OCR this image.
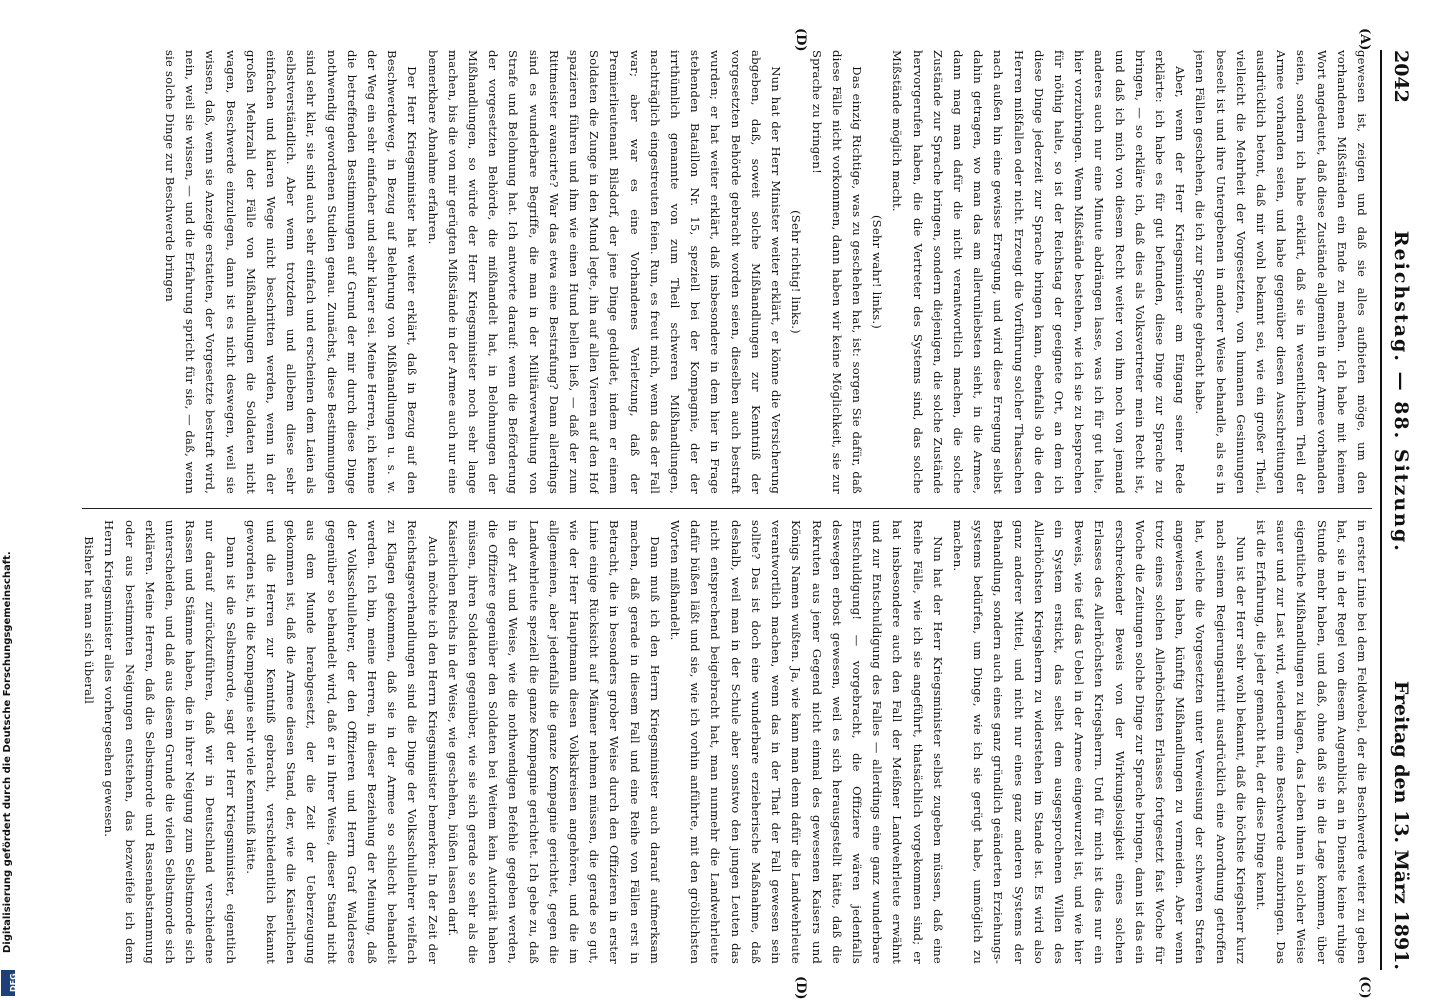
2042
Reichstag. — 88. Sitzung.
Freitag den 13. März 1891.
(A)
(D)
(C)
(D)

gewesen ist, zeigen und daß sie alles aufbieten möge, um den vorhandenen Mißständen ein Ende zu machen. Ich habe mit keinem Wort angedeutet, daß diese Zustände allgemein in der Armee vorhanden seien, sondern ich habe erklärt, daß sie in wesentlichem Theil der Armee vorhanden seien, und habe gegenüber diesen Ausschreitungen ausdrücklich betont, daß mir wohl bekannt sei, wie ein großer Theil, vielleicht die Mehrheit der Vorgesetzten, von humanen Gesinnungen beseelt ist und ihre Untergebenen in anderer Weise behandle, als es in jenen Fällen geschehen, die ich zur Sprache gebracht habe.

Aber, wenn der Herr Kriegsminister am Eingang seiner Rede erklärte: ich habe es für gut befunden, diese Dinge zur Sprache zu bringen, — so erkläre ich, daß dies als Volksvertreter mein Recht ist, und daß ich mich von diesem Recht weiter von ihm noch von jemand anderes auch nur eine Minute abdrängen lasse, was ich für gut halte, hier vorzubringen. Wenn Mißstände bestehen, wie ich sie zu besprechen für nöthig halte, so ist der Reichstag der geeignete Ort, an dem ich diese Dinge jederzeit zur Sprache bringen kann, ebenfalls ob die den Herren mißfallen oder nicht. Erzeugt die Vorführung solcher Thatsachen nach außen hin eine gewisse Erregung, und wird diese Erregung selbst dahin getragen, wo man das am allerunliebsten sieht, in die Armee, dann mag man dafür die nicht verantwortlich machen, die solche Zustände zur Sprache bringen, sondern diejenigen, die solche Zustände hervorgerufen haben, die die Vertreter des Systems sind, das solche Mißstände möglich macht.

(Sehr wahr! links.)

Das einzig Richtige, was zu geschehen hat, ist: sorgen Sie dafür, daß diese Fälle nicht vorkommen, dann haben wir keine Möglichkeit, sie zur Sprache zu bringen!

(Sehr richtig! links.)

Nun hat der Herr Minister weiter erklärt, er könne die Versicherung abgeben, daß, soweit solche Mißhandlungen zur Kenntniß der vorgesetzten Behörde gebracht worden seien, dieselben auch bestraft wurden; er hat weiter erklärt, daß insbesondere in dem hier in Frage stehenden Bataillon Nr. 15, speziell bei der Kompagnie, der der irrthümlich genannte von zum Theil schweren Mißhandlungen, nachträglich eingestreuten feien. Run, es freut mich, wenn das der Fall war; aber war es eine Vorhandenes Verletzung, daß der Premierlieutenant Bilsdorf, der jene Dinge geduldet, indem er einem Soldaten die Zunge in den Mund legte, ihn auf allen Vieren auf den Hof spazieren führen und ihm wie einen Hund bellen ließ, — daß der zum Rittmeister avancirte? War das etwa eine Bestrafung? Dann allerdings sind es wunderbare Begriffe, die man in der Militärverwaltung von Strafe und Belohnung hat. Ich antworte darauf: wenn die Beförderung der vorgesetzten Behörde, die mißhandelt hat, in Belohnungen der Mißhandlungen, so würde der Herr Kriegsminister noch sehr lange machen, bis die von mir gerügten Mißstände in der Armee auch nur eine bemerkbare Abnahme erfahren.

Der Herr Kriegsminister hat weiter erklärt, daß in Bezug auf den Beschwerdeweg, in Bezug auf Belehrung von Mißhandlungen u. s. w. der Weg ein sehr einfacher und sehr klarer sei. Meine Herren, ich kenne die betreffenden Bestimmungen auf Grund der mir durch diese Dinge nothwendig gewordenen Studien genau. Zunächst, diese Bestimmungen sind sehr klar, sie sind auch sehr einfach und erscheinen dem Laien als selbstverständlich. Aber wenn trotzdem und allebem diese sehr einfachen und klaren Wege nicht beschritten werden, wenn in der großen Mehrzahl der Fälle von Mißhandlungen die Soldaten nicht wagen, Beschwerde einzulegen, dann ist es nicht deswegen, weil sie wissen, daß, wenn sie Anzeige erstatten, der Vorgesetzte bestraft wird, nein, weil sie wissen, — und die Erfahrung spricht für sie, — daß, wenn sie solche Dinge zur Beschwerde bringen

in erster Linie bei dem Feldwebel, der die Beschwerde weiter zu geben hat, sie in der Regel von diesem Augenblick an in Dienste keine ruhige Stunde mehr haben, und daß, ohne daß sie in die Lage kommen, über eigentliche Mißhandlungen zu klagen, das Leben ihnen in solcher Weise sauer und zur Last wird, wiederum eine Beschwerde anzubringen. Das ist die Erfahrung, die jeder gemacht hat, der diese Dinge kennt.

Nun ist der Herr sehr wohl bekannt, daß die höchste Kriegsherr kurz nach seinem Regierungsantritt ausdrücklich eine Anordnung getroffen hat, welche die Vorgesetzten unter Verweisung der schweren Strafen angewiesen haben, künftig Mißhandlungen zu vermeiden. Aber wenn trotz eines solchen Allerhöchsten Erlasses fortgesetzt fast Woche für Woche die Zeitungen solche Dinge zur Sprache bringen, dann ist das ein erschreckender Beweis von der Wirkungslosigkeit eines solchen Erlasses des Allerhöchsten Kriegsherrn. Und für mich ist dies nur ein Beweis, wie tief das Uebel in der Armee eingewurzelt ist, und wie hier ein System erstickt, das selbst dem ausgesprochenen Willen des Allerhöchsten Kriegsherrn zu widerstehen im Stande ist. Es wird also ganz anderer Mittel, und nicht nur eines ganz anderen Systems der Behandlung, sondern auch eines ganz gründlich geänderten Erziehungs-systems bedürfen, um Dinge, wie ich sie gerügt habe, unmöglich zu machen.

Nun hat der Herr Kriegsminister selbst zugeben müssen, daß eine Reihe Fälle, wie ich sie angeführt, thatsächlich vorgekommen sind; er hat insbesondere auch den Fall der Meißner Landwehrleute erwähnt und zur Entschuldigung des Falles — allerdings eine ganz wunderbare Entschuldigung! — vorgebracht, die Offiziere wären jedenfalls deswegen erbost gewesen, weil es sich herausgestellt hätte, daß die Rekruten aus jener Gegend nicht einmal des gewesenen Kaisers und Königs Namen wußten. Ja, wie kann man denn dafür die Landwehrleute verantwortlich machen, wenn das in der That der Fall gewesen sein sollte? Das ist doch eine wunderbare erzieherische Maßnahme, daß deshalb, weil man in der Schule aber sonstwo den jungen Leuten das nicht entsprechend beigebracht hat, man nunmehr die Landwehrleute dafür büßen läßt und sie, wie ich vorhin anführte, mit den gröblichsten Worten mißhandelt.

Dann muß ich den Herrn Kriegsminister auch darauf aufmerksam machen, daß gerade in diesem Fall und eine Reihe von Fällen erst in Betracht, die in besonders grober Weise durch den Offizieren in erster Linie einige Rücksicht auf Männer nehmen müssen, die gerade so gut, wie der Herr Hauptmann diesen Volkskreisen angehören, und die im allgemeinen, aber jedenfalls die ganze Kompagnie gerichtet, gegen die Landwehrleute speziell die ganze Kompagnie gerichtet. Ich gebe zu, daß in der Art und Weise, wie die nothwendigen Befehle gegeben werden, die Offiziere gegenüber den Soldaten bei Weitem kein Autorität haben müssen, ihren Soldaten gegenüber, wie sie sich gerade so sehr als die Kaiserlichen Reichs in der Weise, wie geschehen, büßen lassen darf.

Auch möchte ich den Herrn Kriegsminister bemerken: In der Zeit der Reichstagsverhandlungen sind die Dinge der Volksschullehrer vielfach zu Klagen gekommen, daß sie in der Armee so schlecht behandelt werden. Ich bin, meine Herren, in dieser Beziehung der Meinung, daß der Volksschullehrer, der den Offizieren und Herrn Graf Waldersee gegenüber so behandelt wird, daß er in Ihrer Weise, dieser Stand nicht aus dem Munde herabgesetzt, der die Zeit der Ueberzeugung gekommen ist, daß die Armee diesen Stand, der, wie die Kaiserlichen und die Herren zur Kenntniß gebracht, verschiedentlich bekannt geworden ist, in die Kompagnie sehr viele Kenntniß hätte.

Dann ist die Selbstmorde, sagt der Herr Kriegsminister, eigentlich nur darauf zurückzuführen, daß wir in Deutschland verschiedene Rassen und Stämme haben, die in ihrer Neigung zum Selbstmorde sich unterscheiden, und daß aus diesem Grunde die vielen Selbstmorde sich erklären. Meine Herren, daß die Selbstmorde und Rassenabstammung oder aus bestimmten Neigungen entstehen, das bezweifele ich dem Herrn Kriegsminister alles vorhergesehen gewesen.

Bisher hat man sich überall

Digitalisierung gefördert durch die Deutsche Forschungsgemeinschaft.
DFG
